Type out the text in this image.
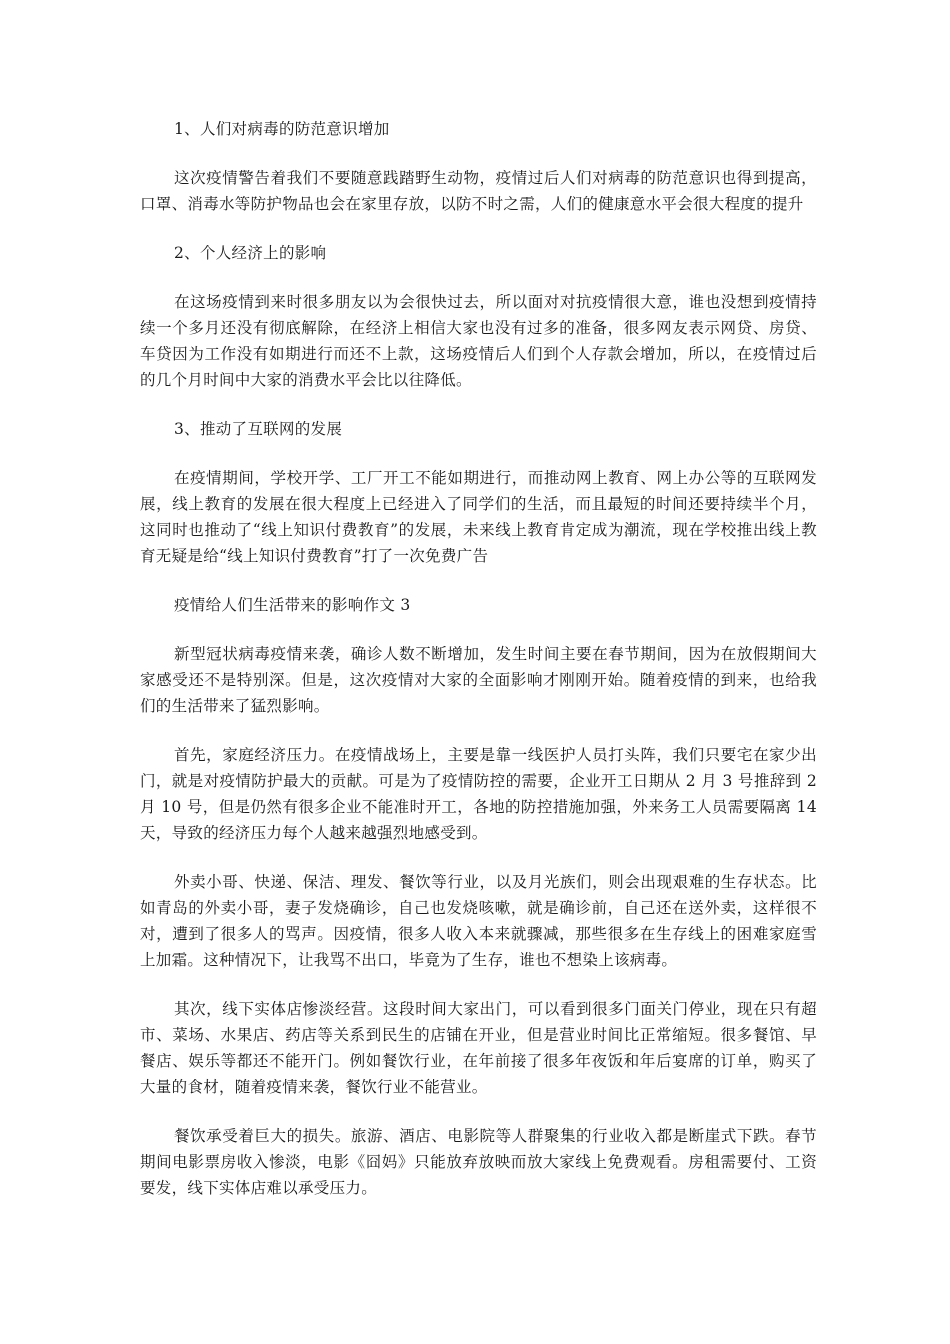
1、人们对病毒的防范意识增加

这次疫情警告着我们不要随意践踏野生动物，疫情过后人们对病毒的防范意识也得到提高，口罩、消毒水等防护物品也会在家里存放，以防不时之需，人们的健康意水平会很大程度的提升

2、个人经济上的影响

在这场疫情到来时很多朋友以为会很快过去，所以面对对抗疫情很大意，谁也没想到疫情持续一个多月还没有彻底解除，在经济上相信大家也没有过多的准备，很多网友表示网贷、房贷、车贷因为工作没有如期进行而还不上款，这场疫情后人们到个人存款会增加，所以，在疫情过后的几个月时间中大家的消费水平会比以往降低。

3、推动了互联网的发展

在疫情期间，学校开学、工厂开工不能如期进行，而推动网上教育、网上办公等的互联网发展，线上教育的发展在很大程度上已经进入了同学们的生活，而且最短的时间还要持续半个月，这同时也推动了“线上知识付费教育”的发展，未来线上教育肯定成为潮流，现在学校推出线上教育无疑是给“线上知识付费教育”打了一次免费广告

疫情给人们生活带来的影响作文 3

新型冠状病毒疫情来袭，确诊人数不断增加，发生时间主要在春节期间，因为在放假期间大家感受还不是特别深。但是，这次疫情对大家的全面影响才刚刚开始。随着疫情的到来，也给我们的生活带来了猛烈影响。

首先，家庭经济压力。在疫情战场上，主要是靠一线医护人员打头阵，我们只要宅在家少出门，就是对疫情防护最大的贡献。可是为了疫情防控的需要，企业开工日期从 2 月 3 号推辞到 2 月 10 号，但是仍然有很多企业不能准时开工，各地的防控措施加强，外来务工人员需要隔离 14 天，导致的经济压力每个人越来越强烈地感受到。

外卖小哥、快递、保洁、理发、餐饮等行业，以及月光族们，则会出现艰难的生存状态。比如青岛的外卖小哥，妻子发烧确诊，自己也发烧咳嗽，就是确诊前，自己还在送外卖，这样很不对，遭到了很多人的骂声。因疫情，很多人收入本来就骤减，那些很多在生存线上的困难家庭雪上加霜。这种情况下，让我骂不出口，毕竟为了生存，谁也不想染上该病毒。

其次，线下实体店惨淡经营。这段时间大家出门，可以看到很多门面关门停业，现在只有超市、菜场、水果店、药店等关系到民生的店铺在开业，但是营业时间比正常缩短。很多餐馆、早餐店、娱乐等都还不能开门。例如餐饮行业，在年前接了很多年夜饭和年后宴席的订单，购买了大量的食材，随着疫情来袭，餐饮行业不能营业。

餐饮承受着巨大的损失。旅游、酒店、电影院等人群聚集的行业收入都是断崖式下跌。春节期间电影票房收入惨淡，电影《囧妈》只能放弃放映而放大家线上免费观看。房租需要付、工资要发，线下实体店难以承受压力。
